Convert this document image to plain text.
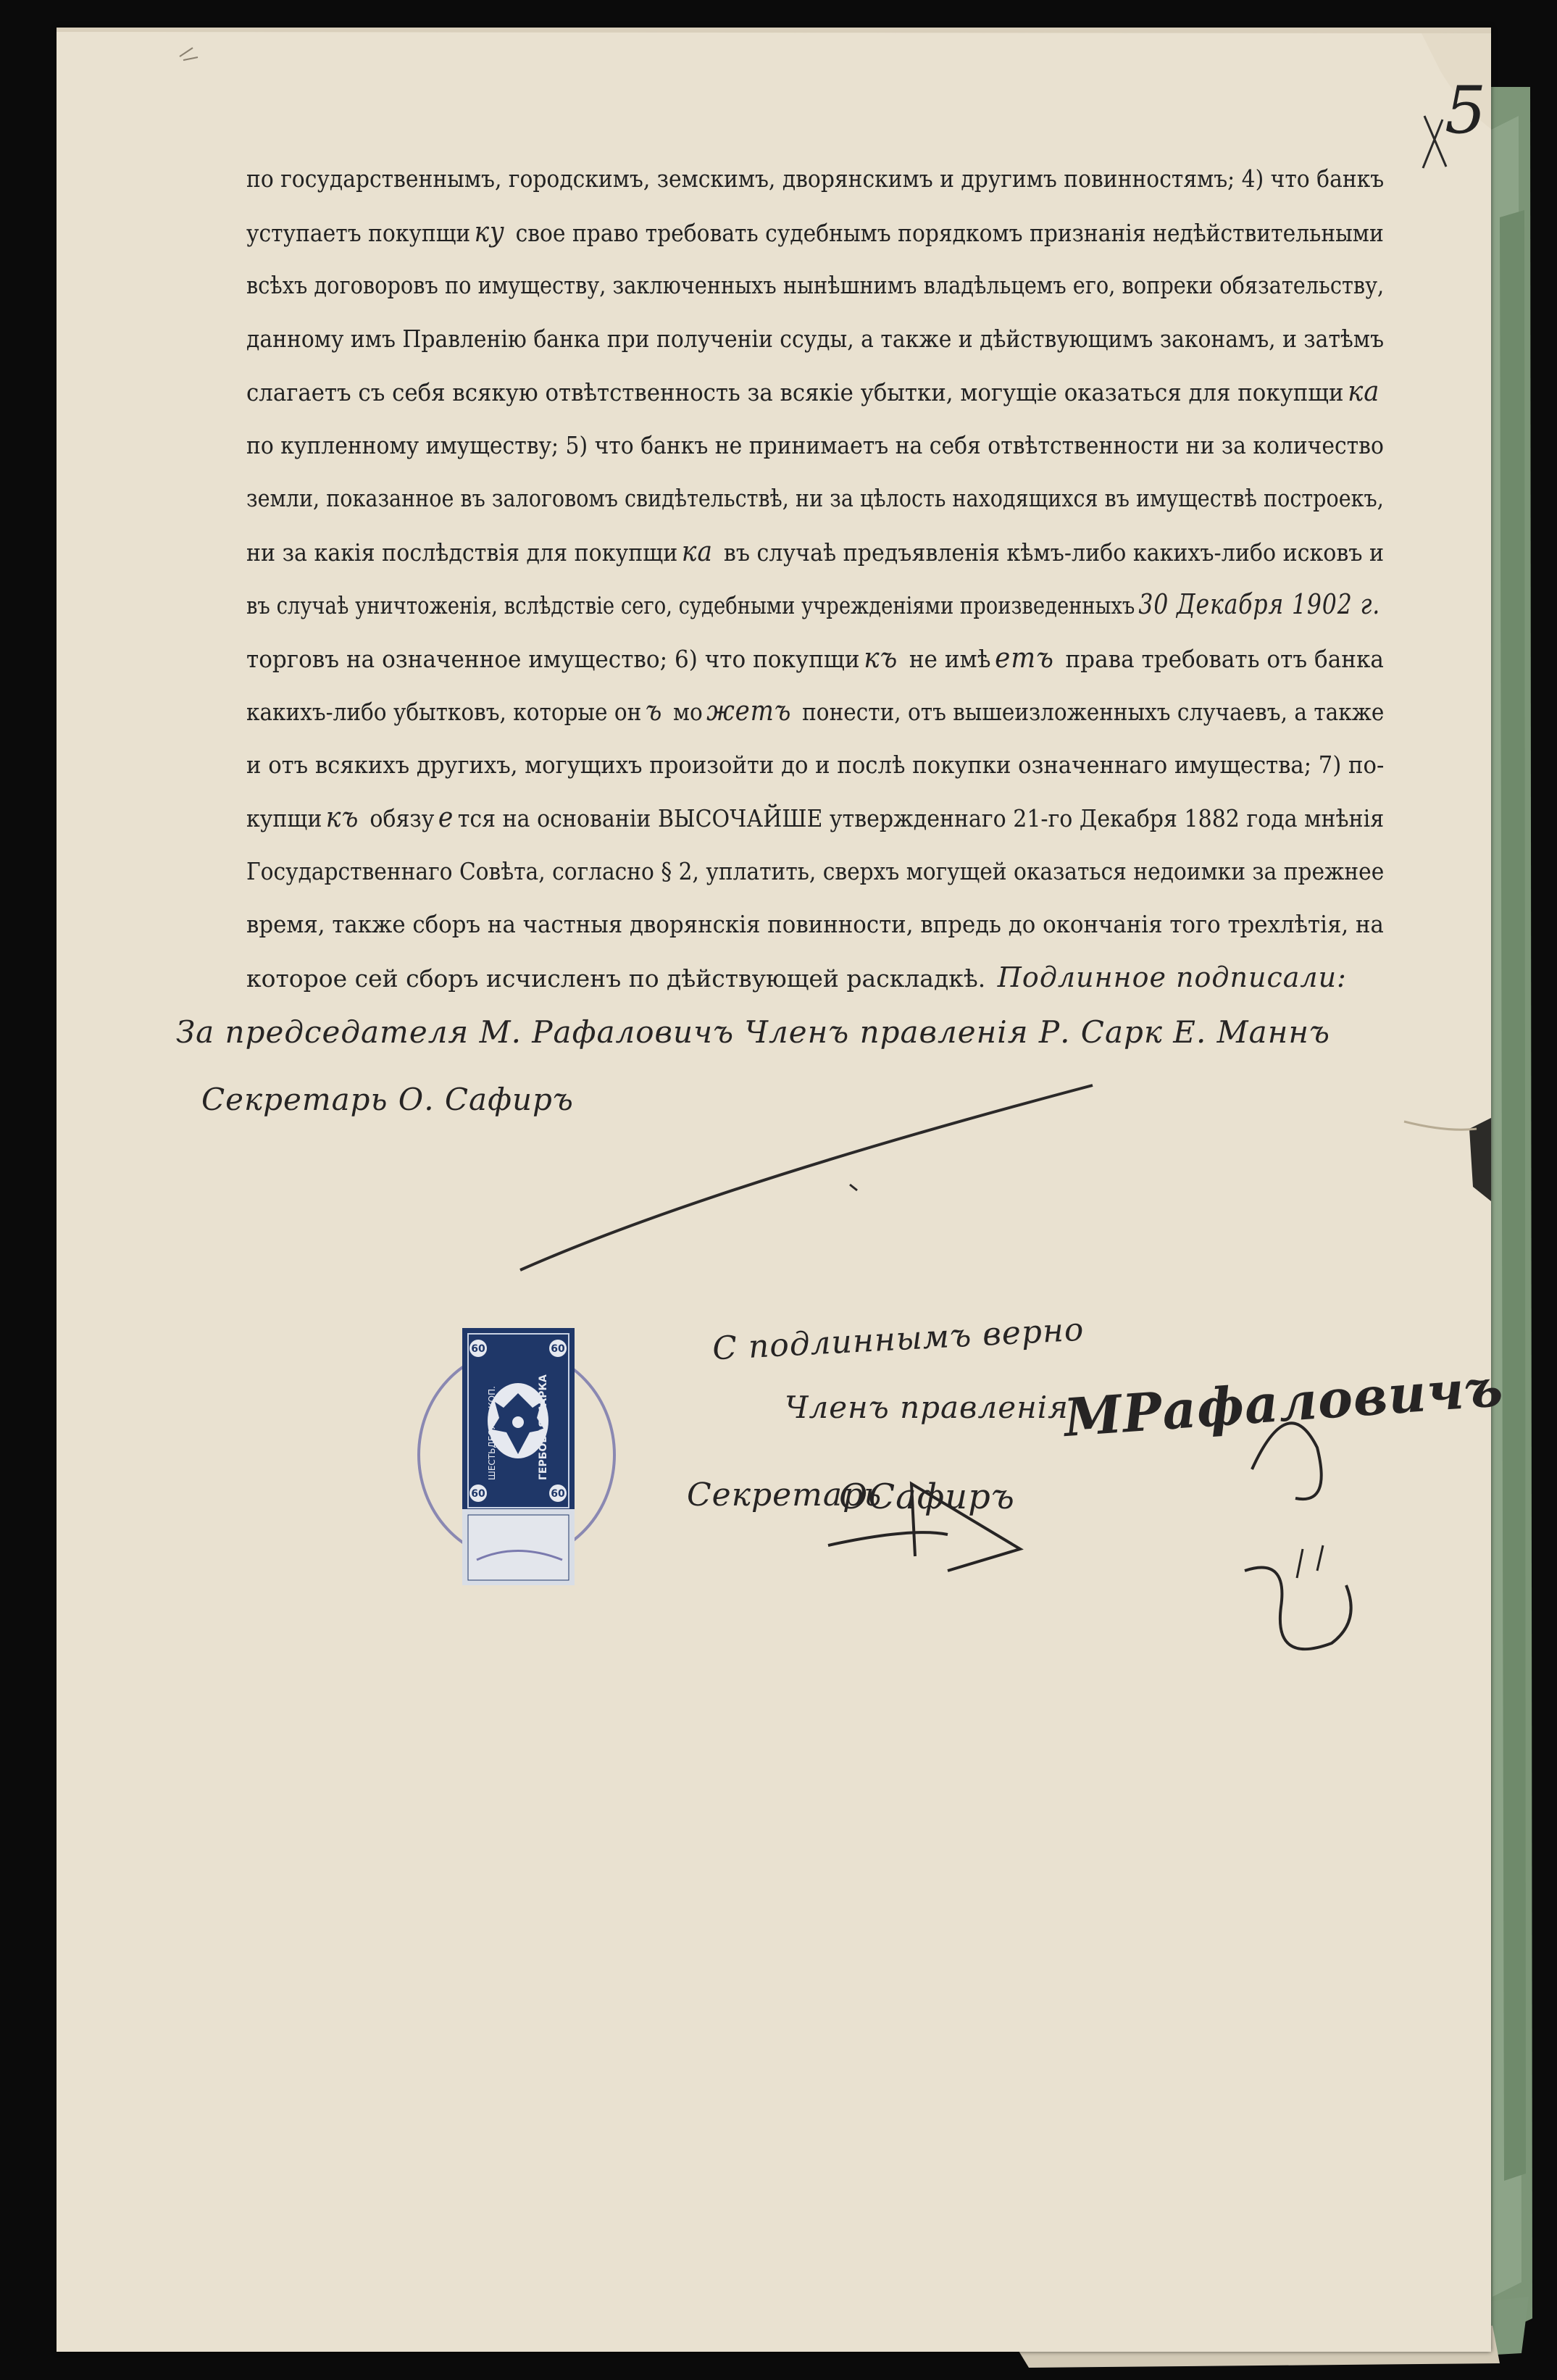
5
по государственнымъ, городскимъ, земскимъ, дворянскимъ и другимъ повинностямъ; 4) что банкъ
уступаетъ покупщи ку свое право требовать судебнымъ порядкомъ признанія недѣйствительными
всѣхъ договоровъ по имуществу, заключенныхъ нынѣшнимъ владѣльцемъ его, вопреки обязательству,
данному имъ Правленію банка при полученіи ссуды, а также и дѣйствующимъ законамъ, и затѣмъ
слагаетъ съ себя всякую отвѣтственность за всякіе убытки, могущіе оказаться для покупщи ка
по купленному имуществу; 5) что банкъ не принимаетъ на себя отвѣтственности ни за количество
земли, показанное въ залоговомъ свидѣтельствѣ, ни за цѣлость находящихся въ имуществѣ построекъ,
ни за какія послѣдствія для покупщи ка въ случаѣ предъявленія кѣмъ-либо какихъ-либо исковъ и
въ случаѣ уничтоженія, вслѣдствіе сего, судебными учрежденіями произведенныхъ 30 Декабря 1902 г.
торговъ на означенное имущество; 6) что покупщи къ не имѣ етъ права требовать отъ банка
какихъ-либо убытковъ, которые он ъ мо жетъ понести, отъ вышеизложенныхъ случаевъ, а также
и отъ всякихъ другихъ, могущихъ произойти до и послѣ покупки означеннаго имущества; 7) по-
купщи къ обязу е тся на основаніи ВЫСОЧАЙШЕ утвержденнаго 21-го Декабря 1882 года мнѣнія
Государственнаго Совѣта, согласно § 2, уплатить, сверхъ могущей оказаться недоимки за прежнее
время, также сборъ на частныя дворянскія повинности, впредь до окончанія того трехлѣтія, на
которое сей сборъ исчисленъ по дѣйствующей раскладкѣ. Подлинное подписали:
За председателя М. Рафаловичъ Членъ правленія Р. Сарк Е. Маннъ
Секретарь О. Сафиръ
60	60
60	60
ГЕРБОВАЯ МАРКА
ШЕСТЬДЕСЯТЪ КОП.
С подлиннымъ верно
Членъ правленія
МРафаловичъ
Секретарь
ОСафиръ
